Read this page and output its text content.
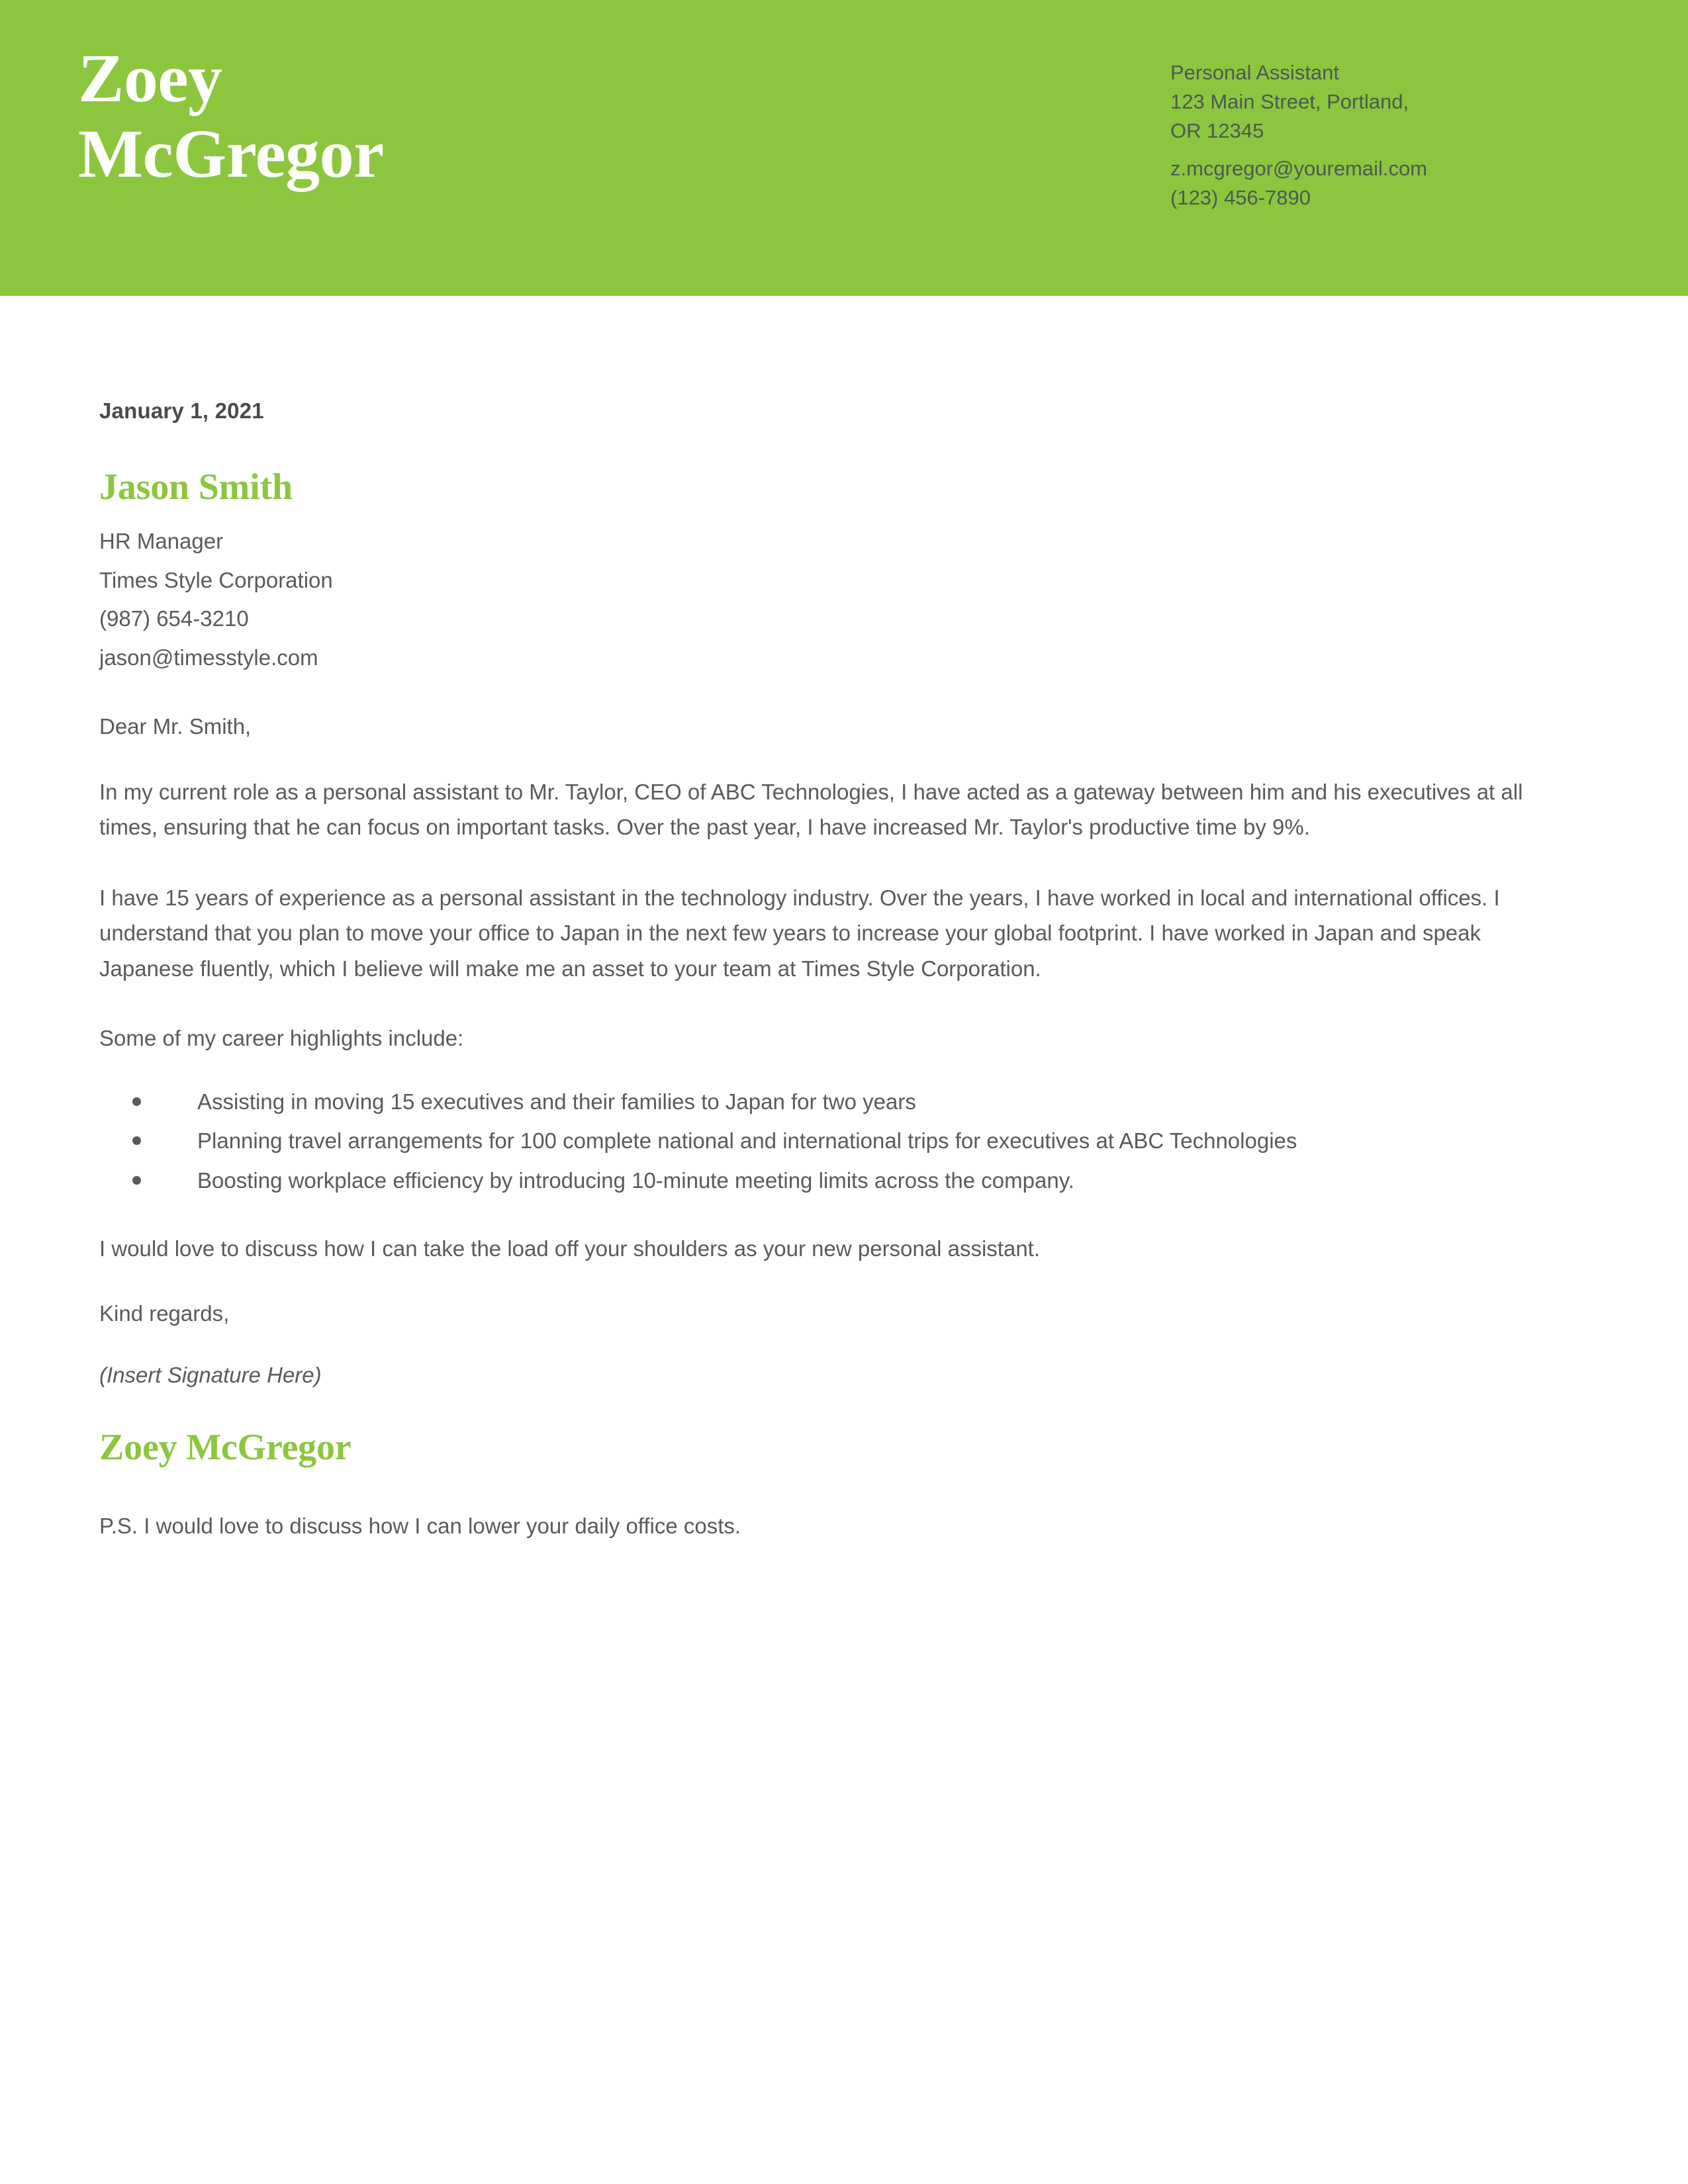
Zoey
McGregor
Personal Assistant
123 Main Street, Portland,
OR 12345
z.mcgregor@youremail.com
(123) 456-7890
January 1, 2021
Jason Smith
HR Manager
Times Style Corporation
(987) 654-3210
jason@timesstyle.com
Dear Mr. Smith,

In my current role as a personal assistant to Mr. Taylor, CEO of ABC Technologies, I have acted as a gateway between him and his executives at all times, ensuring that he can focus on important tasks. Over the past year, I have increased Mr. Taylor's productive time by 9%.

I have 15 years of experience as a personal assistant in the technology industry. Over the years, I have worked in local and international offices. I understand that you plan to move your office to Japan in the next few years to increase your global footprint. I have worked in Japan and speak Japanese fluently, which I believe will make me an asset to your team at Times Style Corporation.

Some of my career highlights include:
Assisting in moving 15 executives and their families to Japan for two years
Planning travel arrangements for 100 complete national and international trips for executives at ABC Technologies
Boosting workplace efficiency by introducing 10-minute meeting limits across the company.
I would love to discuss how I can take the load off your shoulders as your new personal assistant.
Kind regards,
(Insert Signature Here)
Zoey McGregor
P.S. I would love to discuss how I can lower your daily office costs.
